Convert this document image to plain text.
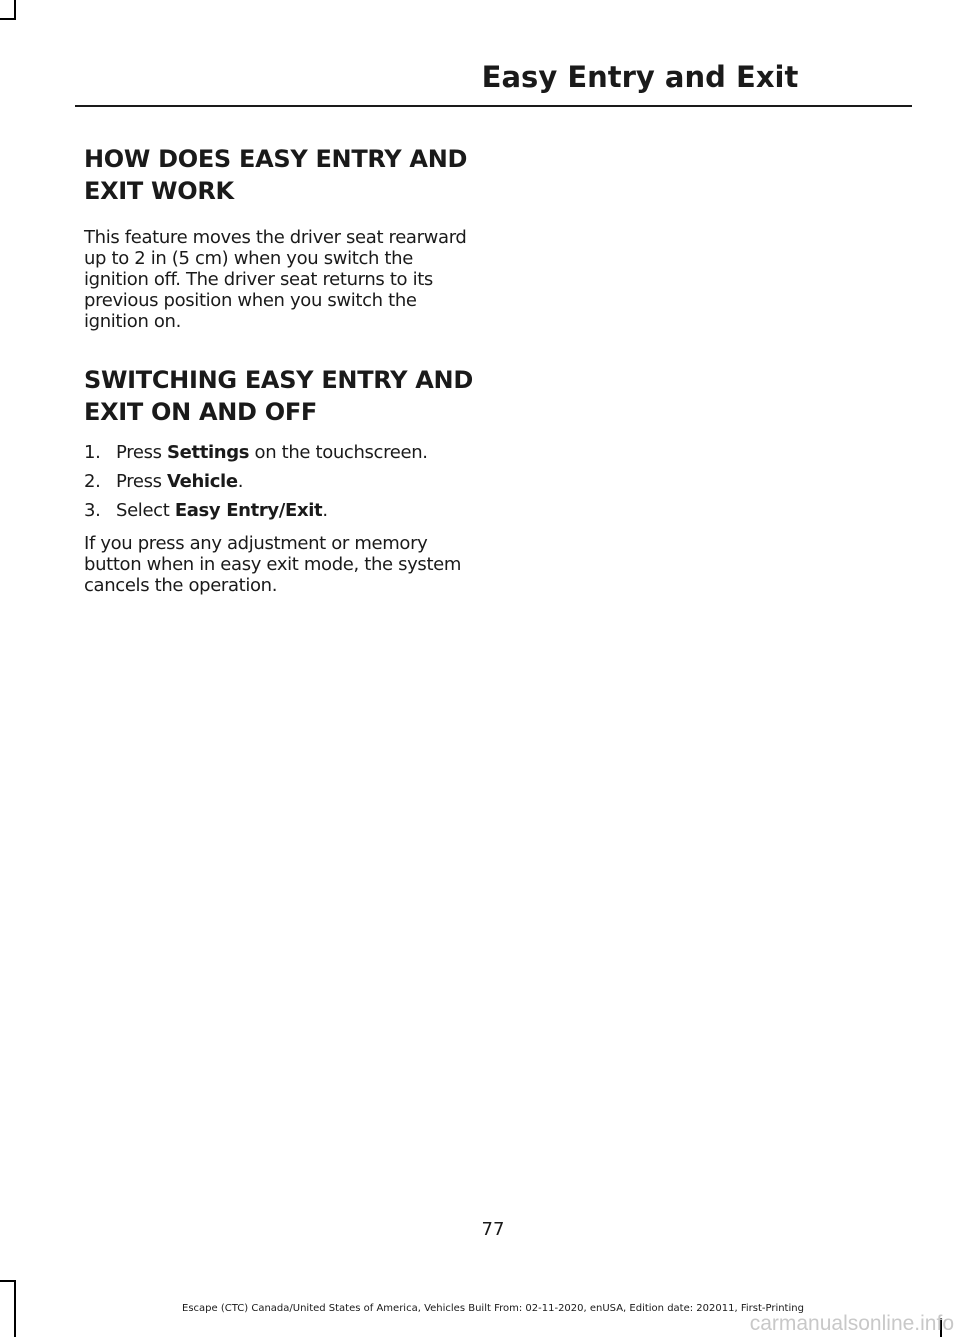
Easy Entry and Exit
HOW DOES EASY ENTRY AND
EXIT WORK

This feature moves the driver seat rearward up to 2 in (5 cm) when you switch the ignition off. The driver seat returns to its previous position when you switch the ignition on.

SWITCHING EASY ENTRY AND
EXIT ON AND OFF
1. Press Settings on the touchscreen.
2. Press Vehicle.
3. Select Easy Entry/Exit.

If you press any adjustment or memory button when in easy exit mode, the system cancels the operation.

77
Escape (CTC) Canada/United States of America, Vehicles Built From: 02-11-2020, enUSA, Edition date: 202011, First-Printing
carmanualsonline.info
